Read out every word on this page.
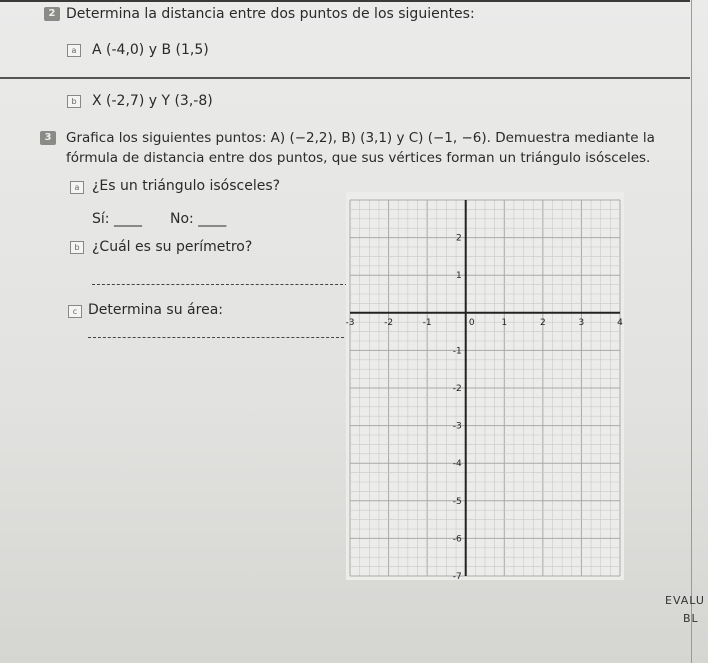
2 Determina la distancia entre dos puntos de los siguientes:
a	A (-4,0) y B (1,5)
b	X (-2,7) y Y (3,-8)
3	Grafica los siguientes puntos: A) (−2,2), B) (3,1) y C) (−1, −6). Demuestra mediante la
fórmula de distancia entre dos puntos, que sus vértices forman un triángulo isósceles.
a ¿Es un triángulo isósceles?
Sí: ____ No: ____
b ¿Cuál es su perímetro?
c Determina su área:
-3	-2	-1	0	1	2	3	4
2
1
-1
-2
-3
-4
-5
-6
-7
EVALU
BL
